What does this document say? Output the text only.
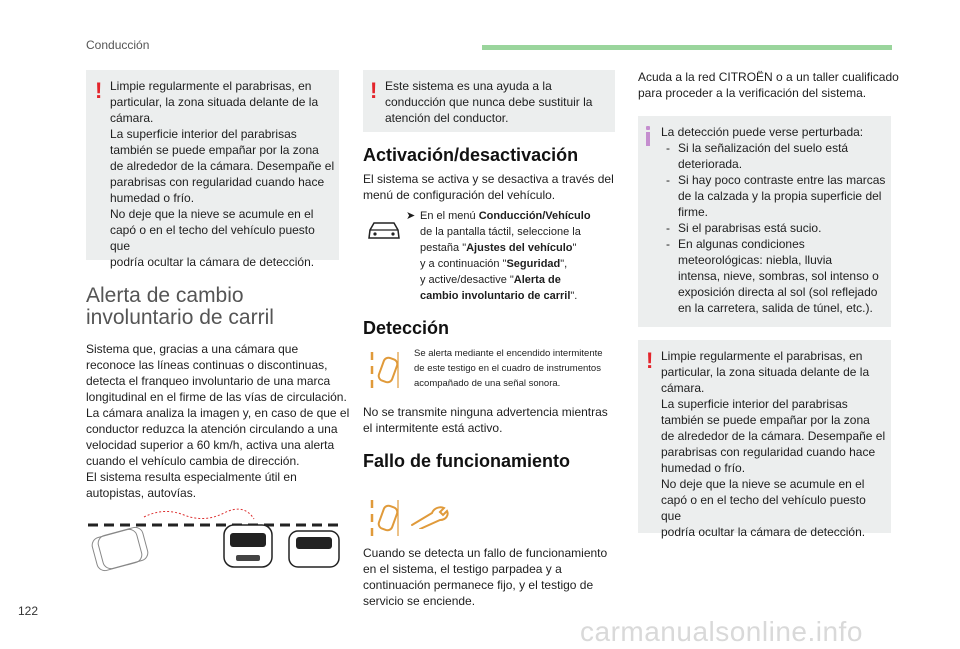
Conducción
! Limpie regularmente el parabrisas, en
particular, la zona situada delante de la
cámara.
La superficie interior del parabrisas
también se puede empañar por la zona
de alrededor de la cámara. Desempañe el
parabrisas con regularidad cuando hace
humedad o frío.
No deje que la nieve se acumule en el
capó o en el techo del vehículo puesto que
podría ocultar la cámara de detección.
Alerta de cambio
involuntario de carril
Sistema que, gracias a una cámara que
reconoce las líneas continuas o discontinuas,
detecta el franqueo involuntario de una marca
longitudinal en el firme de las vías de circulación.
La cámara analiza la imagen y, en caso de que el
conductor reduzca la atención circulando a una
velocidad superior a 60 km/h, activa una alerta
cuando el vehículo cambia de dirección.
El sistema resulta especialmente útil en
autopistas, autovías.
! Este sistema es una ayuda a la
conducción que nunca debe sustituir la
atención del conductor.
Activación/desactivación
El sistema se activa y se desactiva a través del
menú de configuración del vehículo.
➤ En el menú Conducción/Vehículo
de la pantalla táctil, seleccione la
pestaña "Ajustes del vehículo"
y a continuación "Seguridad",
y active/desactive "Alerta de
cambio involuntario de carril".
Detección
Se alerta mediante el encendido intermitente
de este testigo en el cuadro de instrumentos
acompañado de una señal sonora.
No se transmite ninguna advertencia mientras
el intermitente está activo.
Fallo de funcionamiento
Cuando se detecta un fallo de funcionamiento
en el sistema, el testigo parpadea y a
continuación permanece fijo, y el testigo de
servicio se enciende.
Acuda a la red CITROËN o a un taller cualificado
para proceder a la verificación del sistema.
La detección puede verse perturbada:
- Si la señalización del suelo está
deteriorada.
- Si hay poco contraste entre las marcas
de la calzada y la propia superficie del
firme.
- Si el parabrisas está sucio.
- En algunas condiciones
meteorológicas: niebla, lluvia
intensa, nieve, sombras, sol intenso o
exposición directa al sol (sol reflejado
en la carretera, salida de túnel, etc.).
! Limpie regularmente el parabrisas, en
particular, la zona situada delante de la
cámara.
La superficie interior del parabrisas
también se puede empañar por la zona
de alrededor de la cámara. Desempañe el
parabrisas con regularidad cuando hace
humedad o frío.
No deje que la nieve se acumule en el
capó o en el techo del vehículo puesto que
podría ocultar la cámara de detección.
122
carmanualsonline.info
